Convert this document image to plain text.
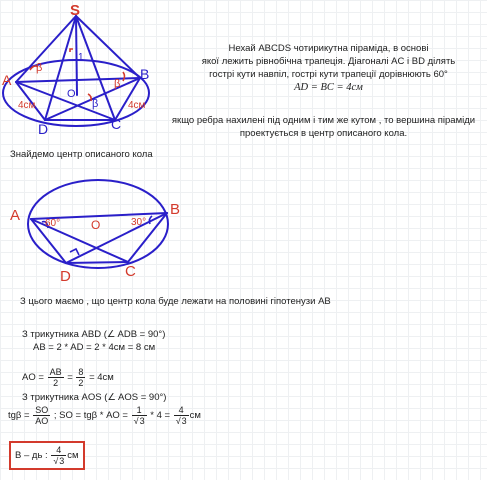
S
A	B
C
D
O
1
β
β
β
4см	4см
Нехай ABCDS чотирикутна піраміда, в основі
якої лежить рівнобічна трапеція. Діагоналі AC і BD ділять
гострі кути навпіл, гострі кути трапеції дорівнюють 60°
AD = BC = 4см
якщо ребра нахилені під одним і тим же кутом , то вершина піраміди
проектується в центр описаного кола.
Знайдемо центр описаного кола
A	B
C
D
O
60°	30°
З цього маємо , що центр кола буде лежати на половині гіпотенузи AB
З трикутника ABD (∠ ADB = 90°)
AB = 2 * AD = 2 * 4см = 8 см
AO = $\frac{AB}{2} = \frac{8}{2} = 4см$
З трикутника AOS (∠ AOS = 90°)
$tg\beta = \frac{SO}{AO}$ ; SO = tgβ * AO = $\frac{1}{√3} * 4 = \frac{4}{√3}$ см
В – дь : $\frac{4}{√3}$ см
